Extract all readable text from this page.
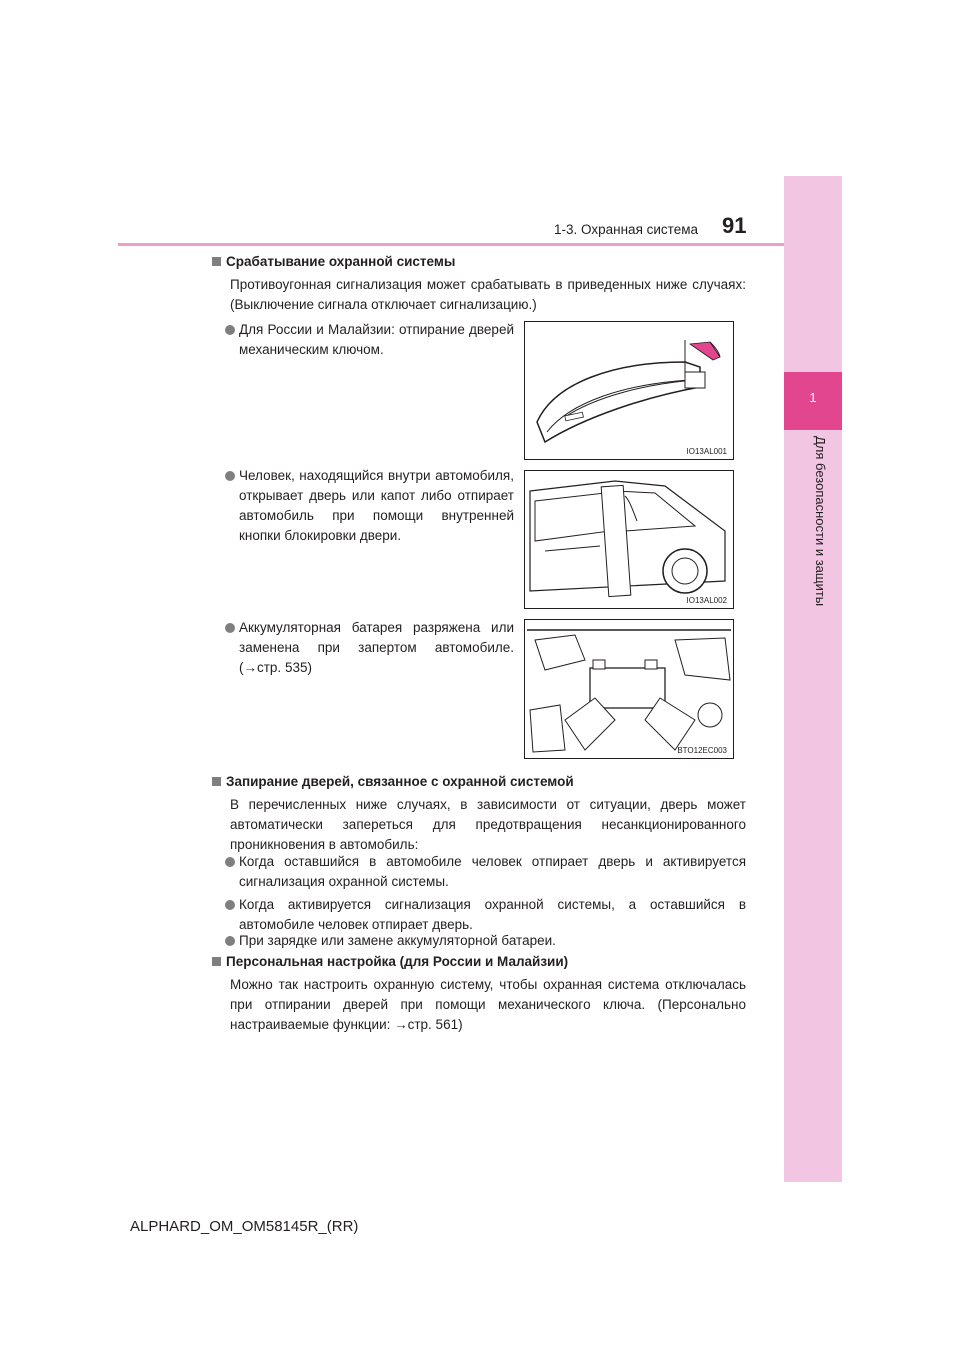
1
Для безопасности и защиты
1-3. Охранная система 91
Срабатывание охранной системы
Противоугонная сигнализация может срабатывать в приведенных ниже случаях: (Выключение сигнала отключает сигнализацию.)
Для России и Малайзии: отпирание дверей механическим ключом.
IO13AL001
Человек, находящийся внутри автомобиля, открывает дверь или капот либо отпирает автомобиль при помощи внутренней кнопки блокировки двери.
IO13AL002
Аккумуляторная батарея разряжена или заменена при запертом автомобиле. (→стр. 535)
BTO12EC003
Запирание дверей, связанное с охранной системой
В перечисленных ниже случаях, в зависимости от ситуации, дверь может автоматически запереться для предотвращения несанкционированного проникновения в автомобиль:
Когда оставшийся в автомобиле человек отпирает дверь и активируется сигнализация охранной системы.
Когда активируется сигнализация охранной системы, а оставшийся в автомобиле человек отпирает дверь.
При зарядке или замене аккумуляторной батареи.
Персональная настройка (для России и Малайзии)
Можно так настроить охранную систему, чтобы охранная система отключалась при отпирании дверей при помощи механического ключа. (Персонально настраиваемые функции: →стр. 561)
ALPHARD_OM_OM58145R_(RR)
